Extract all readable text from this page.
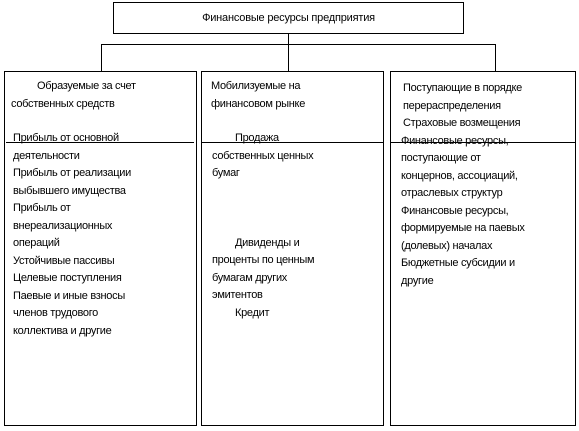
Финансовые ресурсы предприятия

Образуемые за счет

собственных средств

Прибыль от основной

деятельности

Прибыль от реализации

выбывшего имущества

Прибыль от

внереализационных

операций

Устойчивые пассивы

Целевые поступления

Паевые и иные взносы

членов трудового

коллектива и другие

Мобилизуемые на

финансовом рынке

Продажа

собственных ценных

бумаг

Дивиденды и

проценты по ценным

бумагам других

эмитентов

Кредит

Поступающие в порядке

перераспределения

Страховые возмещения

Финансовые ресурсы,

поступающие от

концернов, ассоциаций,

отраслевых структур

Финансовые ресурсы,

формируемые на паевых

(долевых) началах

Бюджетные субсидии и

другие
